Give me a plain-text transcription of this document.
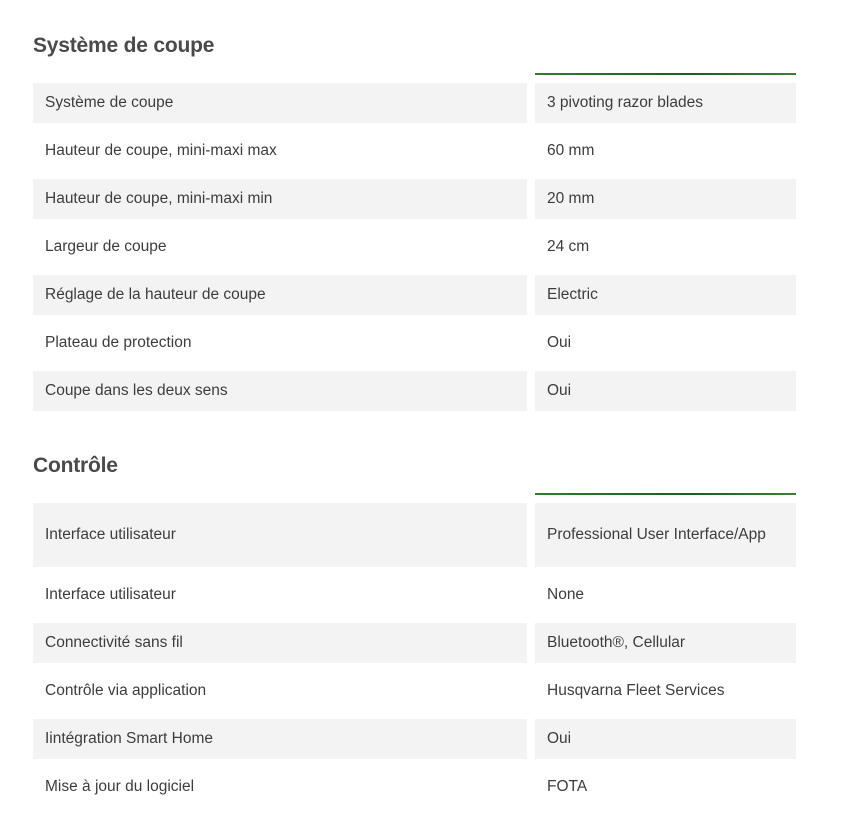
Système de coupe
Système de coupe	3 pivoting razor blades
Hauteur de coupe, mini-maxi max	60 mm
Hauteur de coupe, mini-maxi min	20 mm
Largeur de coupe	24 cm
Réglage de la hauteur de coupe	Electric
Plateau de protection	Oui
Coupe dans les deux sens	Oui
Contrôle
Interface utilisateur	Professional User Interface/App
Interface utilisateur	None
Connectivité sans fil	Bluetooth®, Cellular
Contrôle via application	Husqvarna Fleet Services
Iintégration Smart Home	Oui
Mise à jour du logiciel	FOTA
